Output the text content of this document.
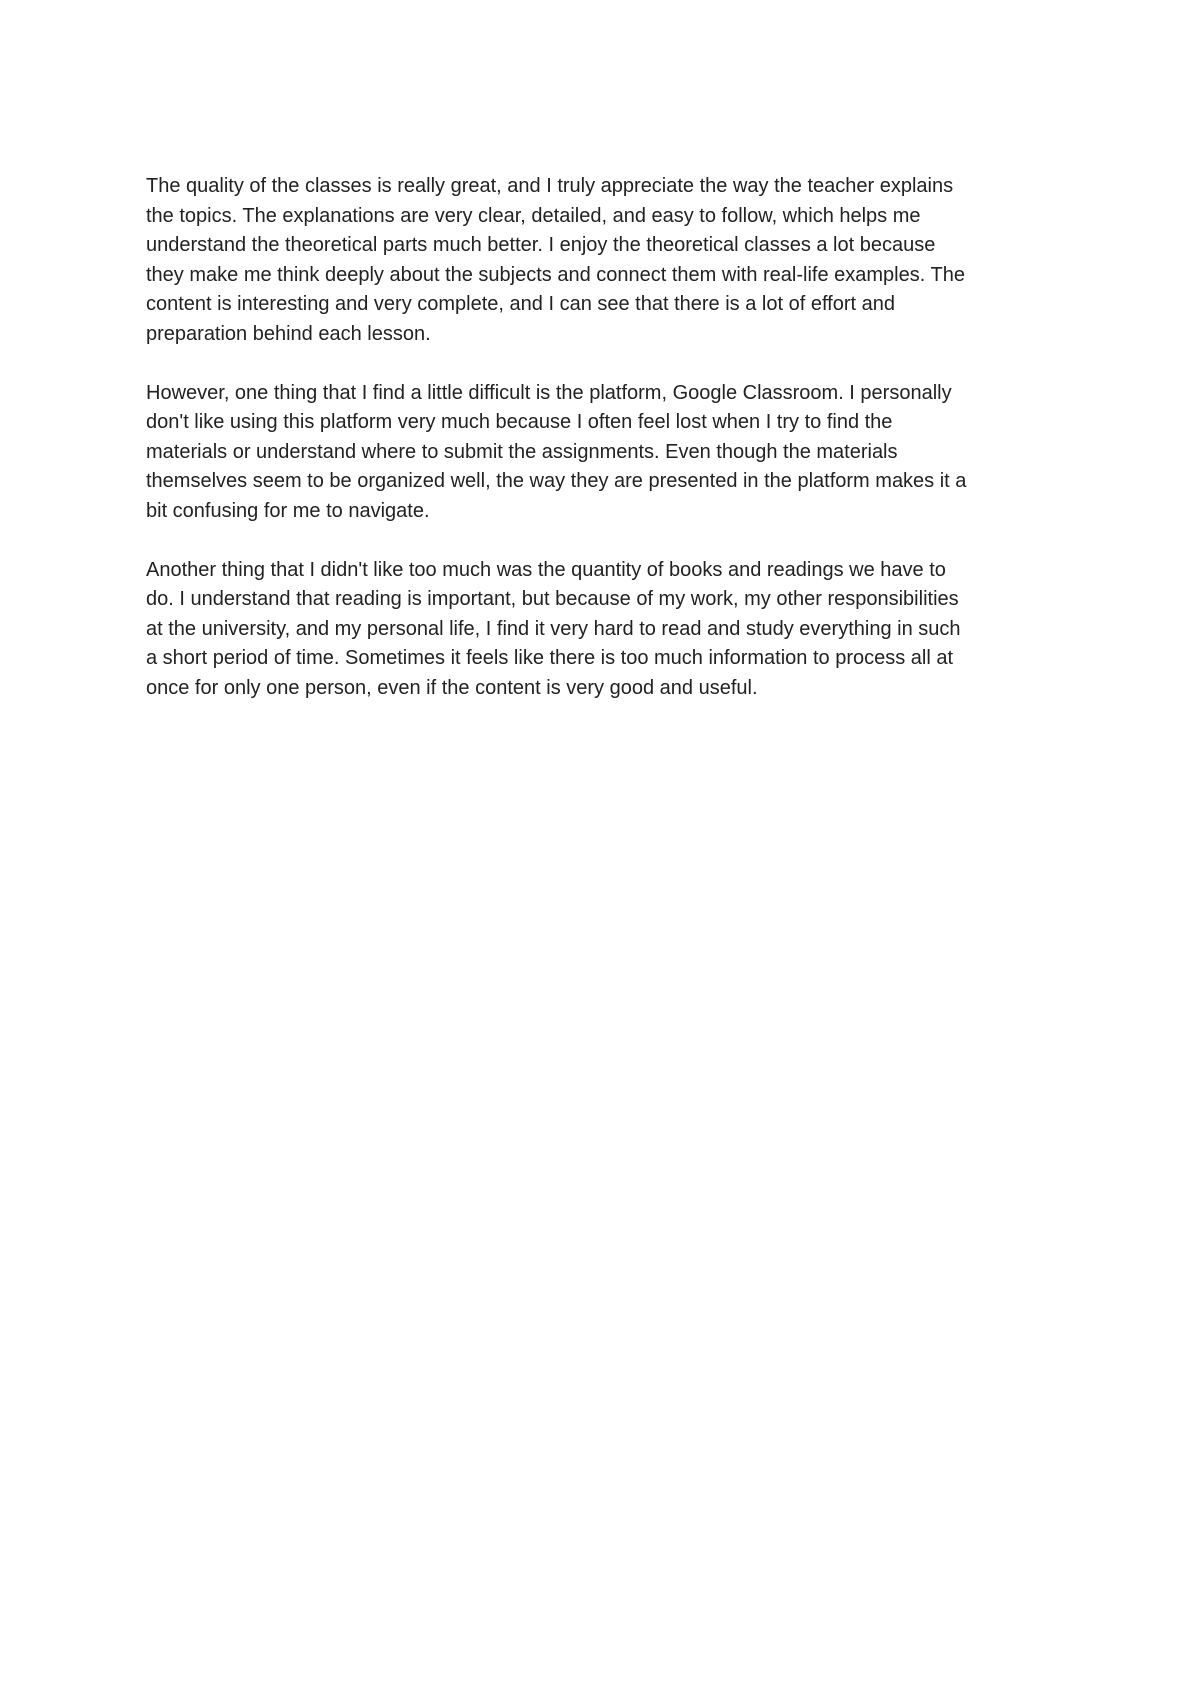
The quality of the classes is really great, and I truly appreciate the way the teacher explains
the topics. The explanations are very clear, detailed, and easy to follow, which helps me
understand the theoretical parts much better. I enjoy the theoretical classes a lot because
they make me think deeply about the subjects and connect them with real-life examples. The
content is interesting and very complete, and I can see that there is a lot of effort and
preparation behind each lesson.

However, one thing that I find a little difficult is the platform, Google Classroom. I personally
don't like using this platform very much because I often feel lost when I try to find the
materials or understand where to submit the assignments. Even though the materials
themselves seem to be organized well, the way they are presented in the platform makes it a
bit confusing for me to navigate.

Another thing that I didn't like too much was the quantity of books and readings we have to
do. I understand that reading is important, but because of my work, my other responsibilities
at the university, and my personal life, I find it very hard to read and study everything in such
a short period of time. Sometimes it feels like there is too much information to process all at
once for only one person, even if the content is very good and useful.
